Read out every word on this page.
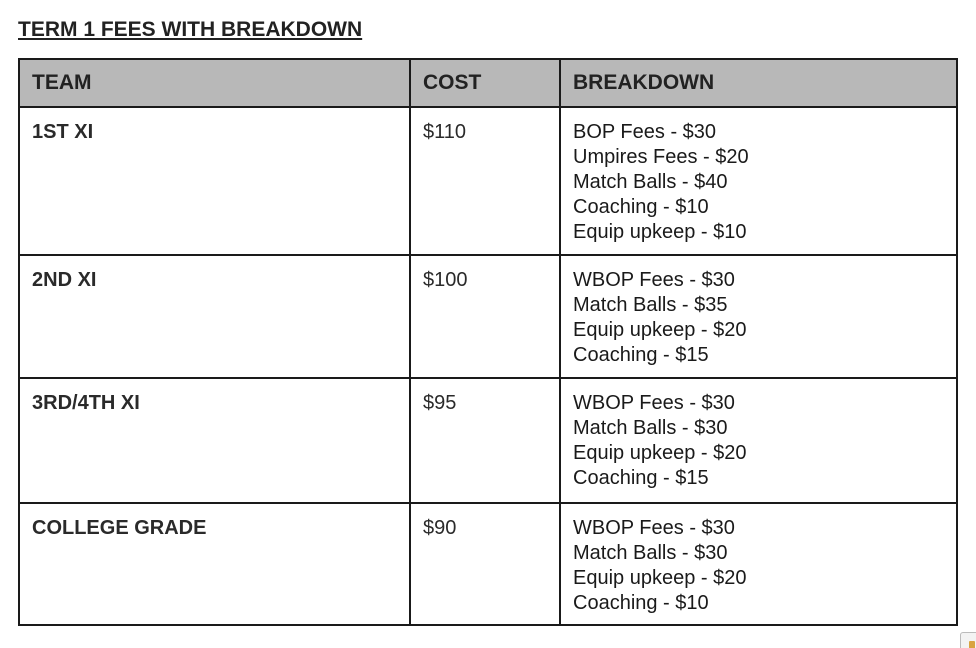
TERM 1 FEES WITH BREAKDOWN
TEAM	COST	BREAKDOWN
1ST XI	$110	BOP Fees - $30
Umpires Fees - $20
Match Balls - $40
Coaching - $10
Equip upkeep - $10

2ND XI	$100	WBOP Fees - $30
Match Balls - $35
Equip upkeep - $20
Coaching - $15

3RD/4TH XI	$95	WBOP Fees - $30
Match Balls - $30
Equip upkeep - $20
Coaching - $15

COLLEGE GRADE	$90	WBOP Fees - $30
Match Balls - $30
Equip upkeep - $20
Coaching - $10
